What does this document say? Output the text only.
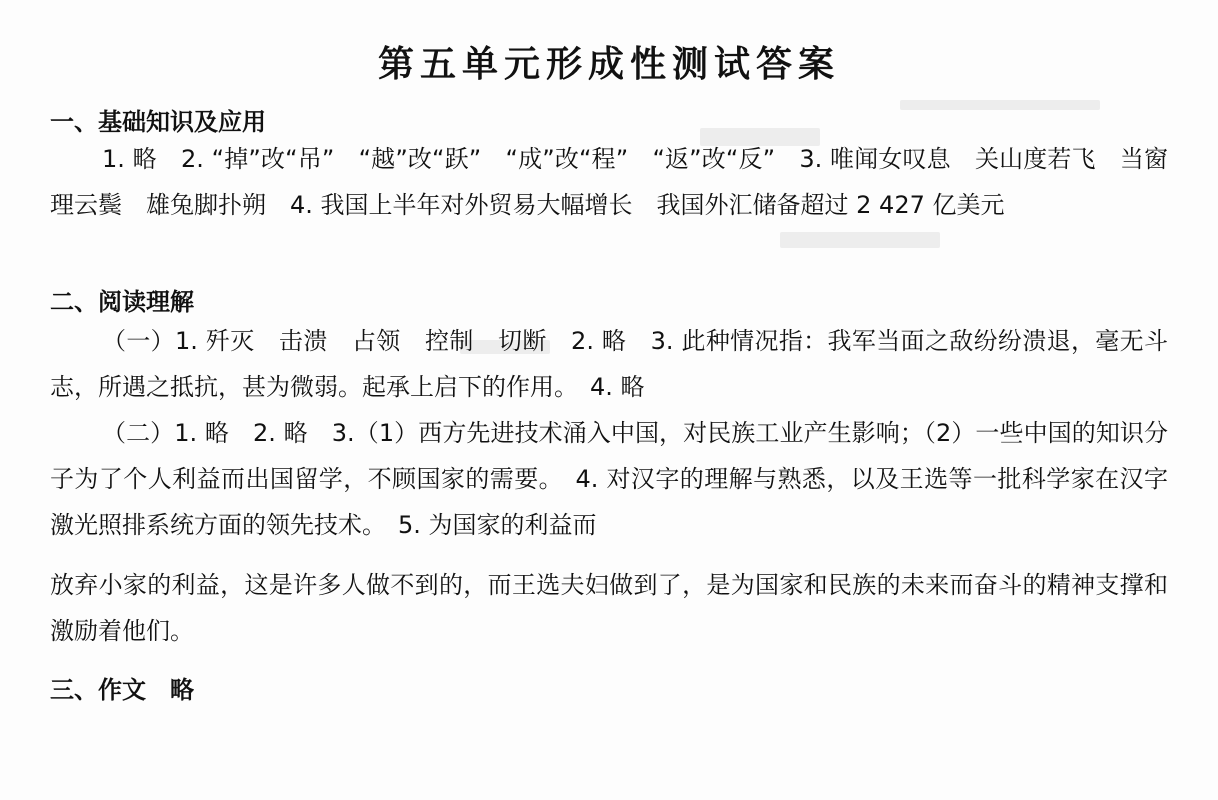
第五单元形成性测试答案
一、基础知识及应用
1. 略　2. “掉”改“吊”　“越”改“跃”　“成”改“程”　“返”改“反”　3. 唯闻女叹息　关山度若飞　当窗理云鬓　雄兔脚扑朔　4. 我国上半年对外贸易大幅增长　我国外汇储备超过 2 427 亿美元
二、阅读理解
（一）1. 歼灭　击溃　占领　控制　切断　2. 略　3. 此种情况指：我军当面之敌纷纷溃退，毫无斗志，所遇之抵抗，甚为微弱。起承上启下的作用。　4. 略
（二）1. 略　2. 略　3.（1）西方先进技术涌入中国，对民族工业产生影响；（2）一些中国的知识分子为了个人利益而出国留学，不顾国家的需要。　4. 对汉字的理解与熟悉，以及王选等一批科学家在汉字激光照排系统方面的领先技术。　5. 为国家的利益而
放弃小家的利益，这是许多人做不到的，而王选夫妇做到了，是为国家和民族的未来而奋斗的精神支撑和激励着他们。
三、作文　略
